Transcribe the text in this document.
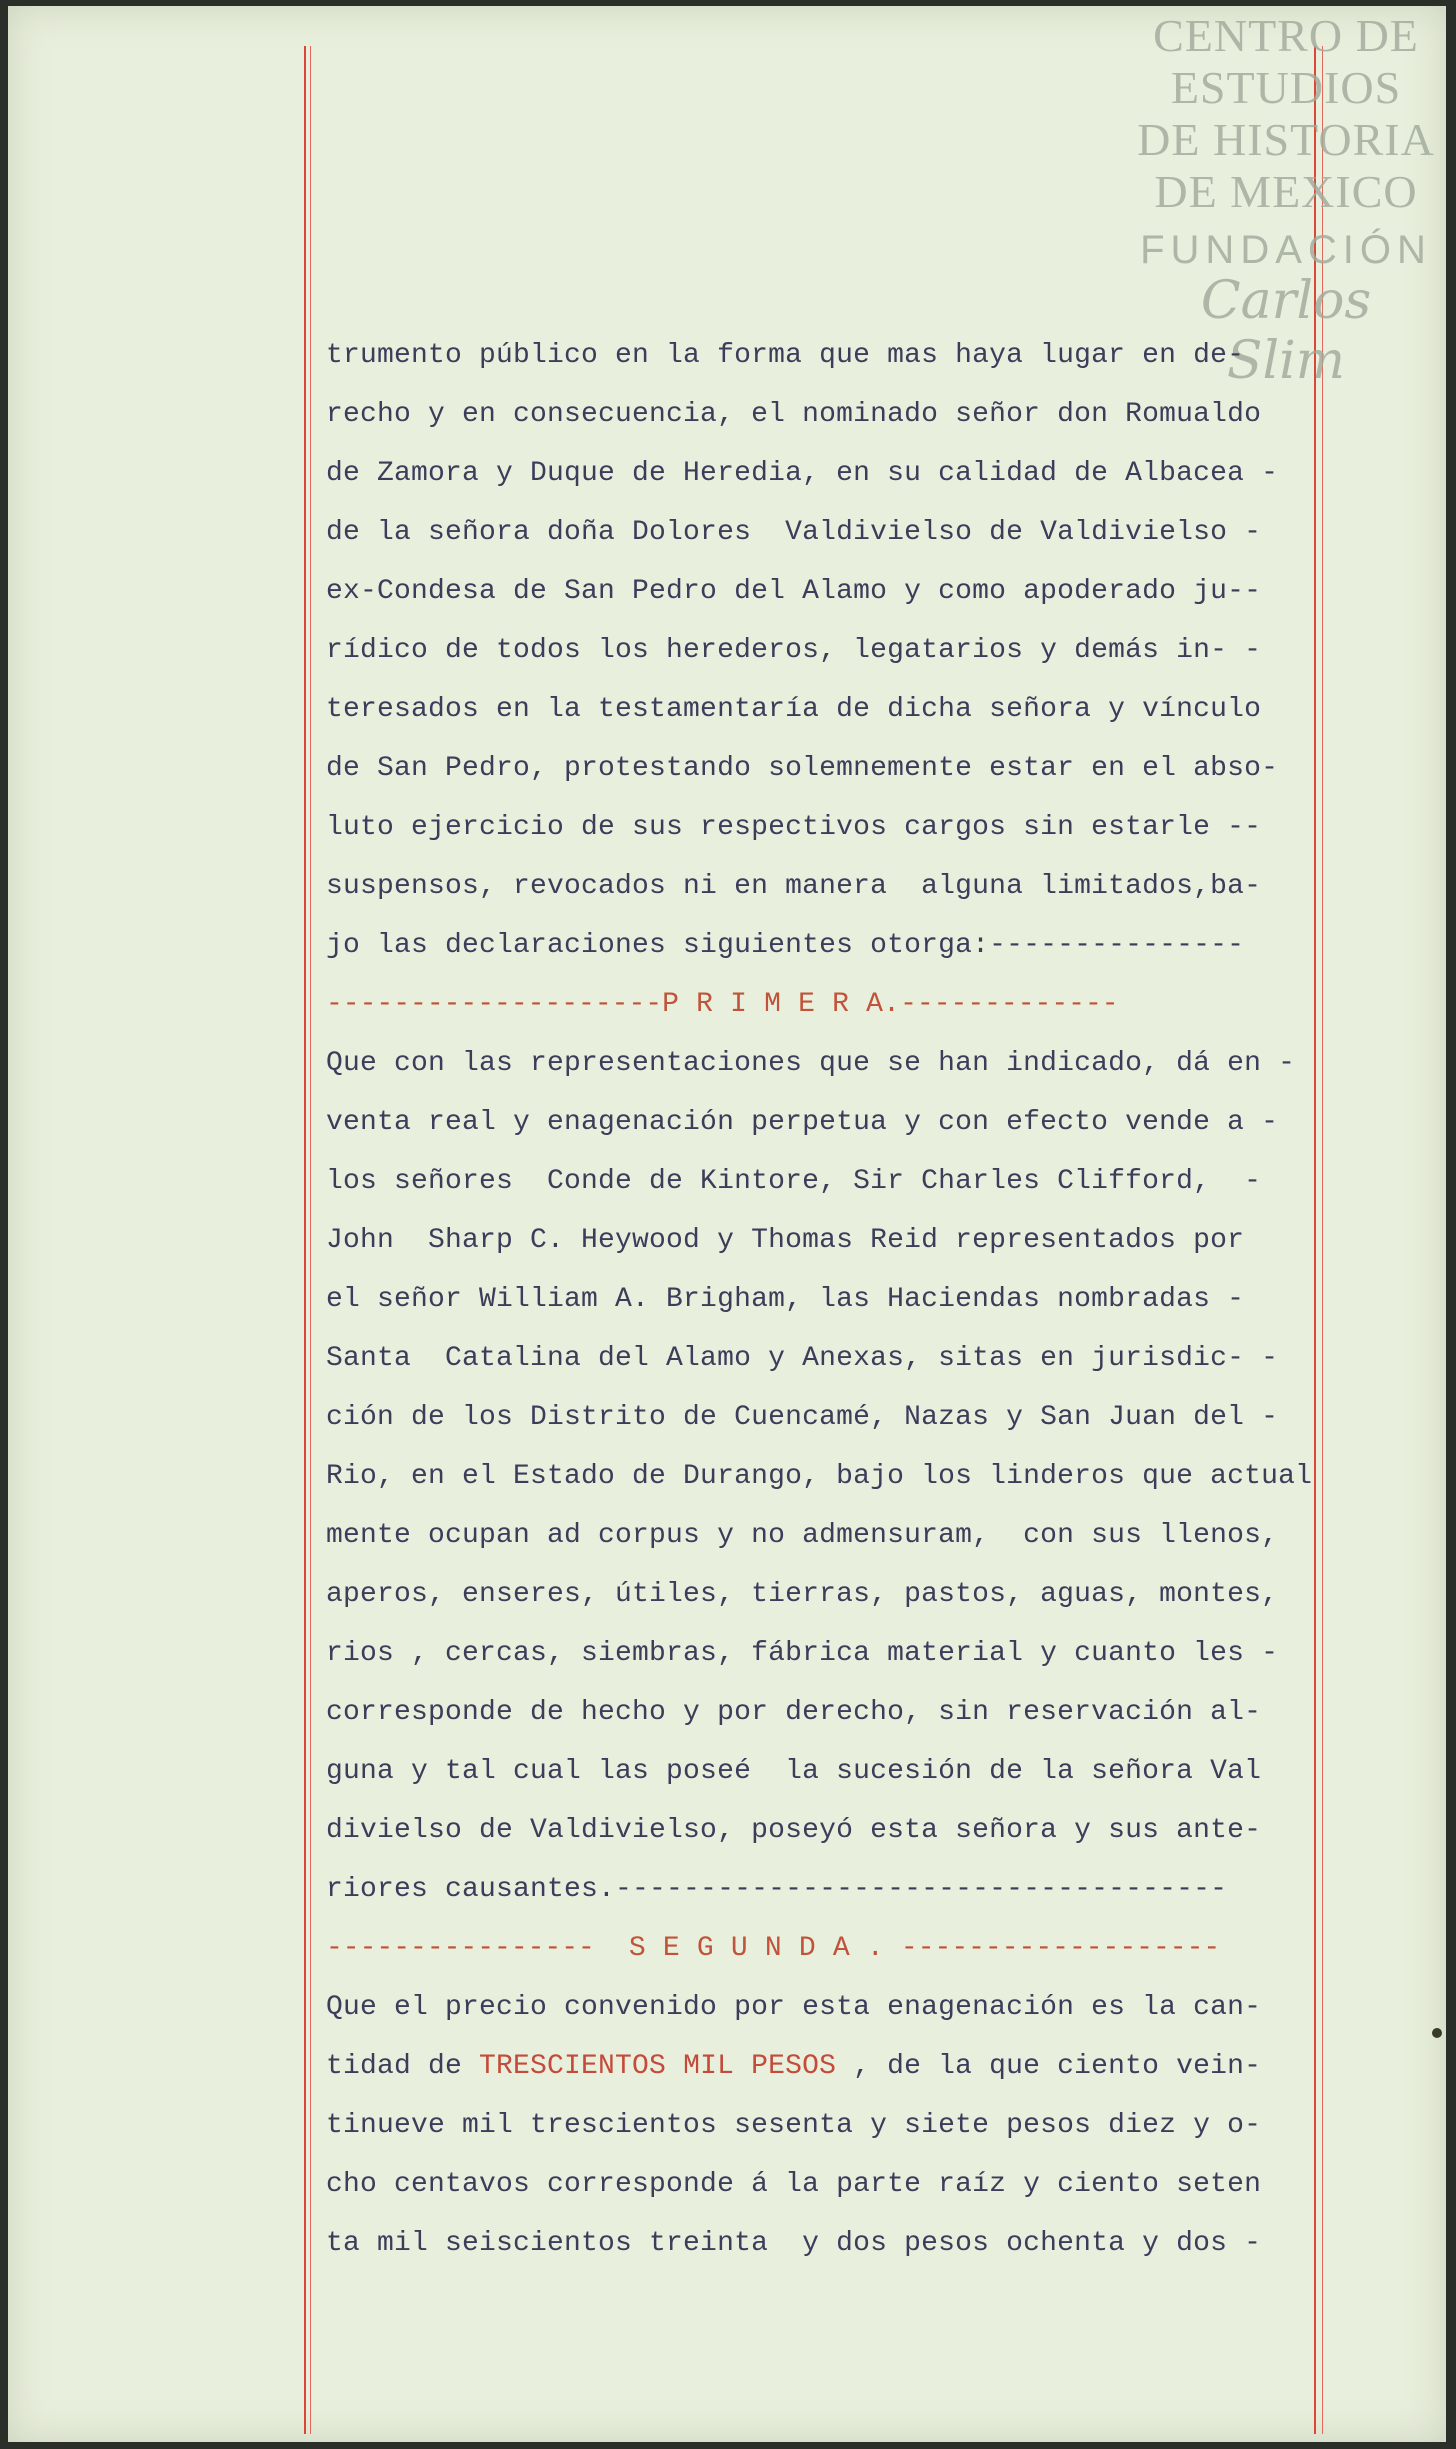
CENTRO DE
ESTUDIOS
DE HISTORIA
DE MEXICO
FUNDACIÓN
Carlos Slim
trumento público en la forma que mas haya lugar en de-
recho y en consecuencia, el nominado señor don Romualdo
de Zamora y Duque de Heredia, en su calidad de Albacea -
de la señora doña Dolores  Valdivielso de Valdivielso -
ex-Condesa de San Pedro del Alamo y como apoderado ju--
rídico de todos los herederos, legatarios y demás in- -
teresados en la testamentaría de dicha señora y vínculo
de San Pedro, protestando solemnemente estar en el abso-
luto ejercicio de sus respectivos cargos sin estarle --
suspensos, revocados ni en manera  alguna limitados,ba-
jo las declaraciones siguientes otorga:---------------
--------------------P R I M E R A.-------------
Que con las representaciones que se han indicado, dá en -
venta real y enagenación perpetua y con efecto vende a -
los señores  Conde de Kintore, Sir Charles Clifford,  -
John  Sharp C. Heywood y Thomas Reid representados por
el señor William A. Brigham, las Haciendas nombradas -
Santa  Catalina del Alamo y Anexas, sitas en jurisdic- -
ción de los Distrito de Cuencamé, Nazas y San Juan del -
Rio, en el Estado de Durango, bajo los linderos que actual
mente ocupan ad corpus y no admensuram,  con sus llenos,
aperos, enseres, útiles, tierras, pastos, aguas, montes,
rios , cercas, siembras, fábrica material y cuanto les -
corresponde de hecho y por derecho, sin reservación al-
guna y tal cual las poseé  la sucesión de la señora Val
divielso de Valdivielso, poseyó esta señora y sus ante-
riores causantes.------------------------------------
---------------- S E G U N D A . -------------------
Que el precio convenido por esta enagenación es la can-
tidad de TRESCIENTOS MIL PESOS , de la que ciento vein-
tinueve mil trescientos sesenta y siete pesos diez y o-
cho centavos corresponde á la parte raíz y ciento seten
ta mil seiscientos treinta  y dos pesos ochenta y dos -
